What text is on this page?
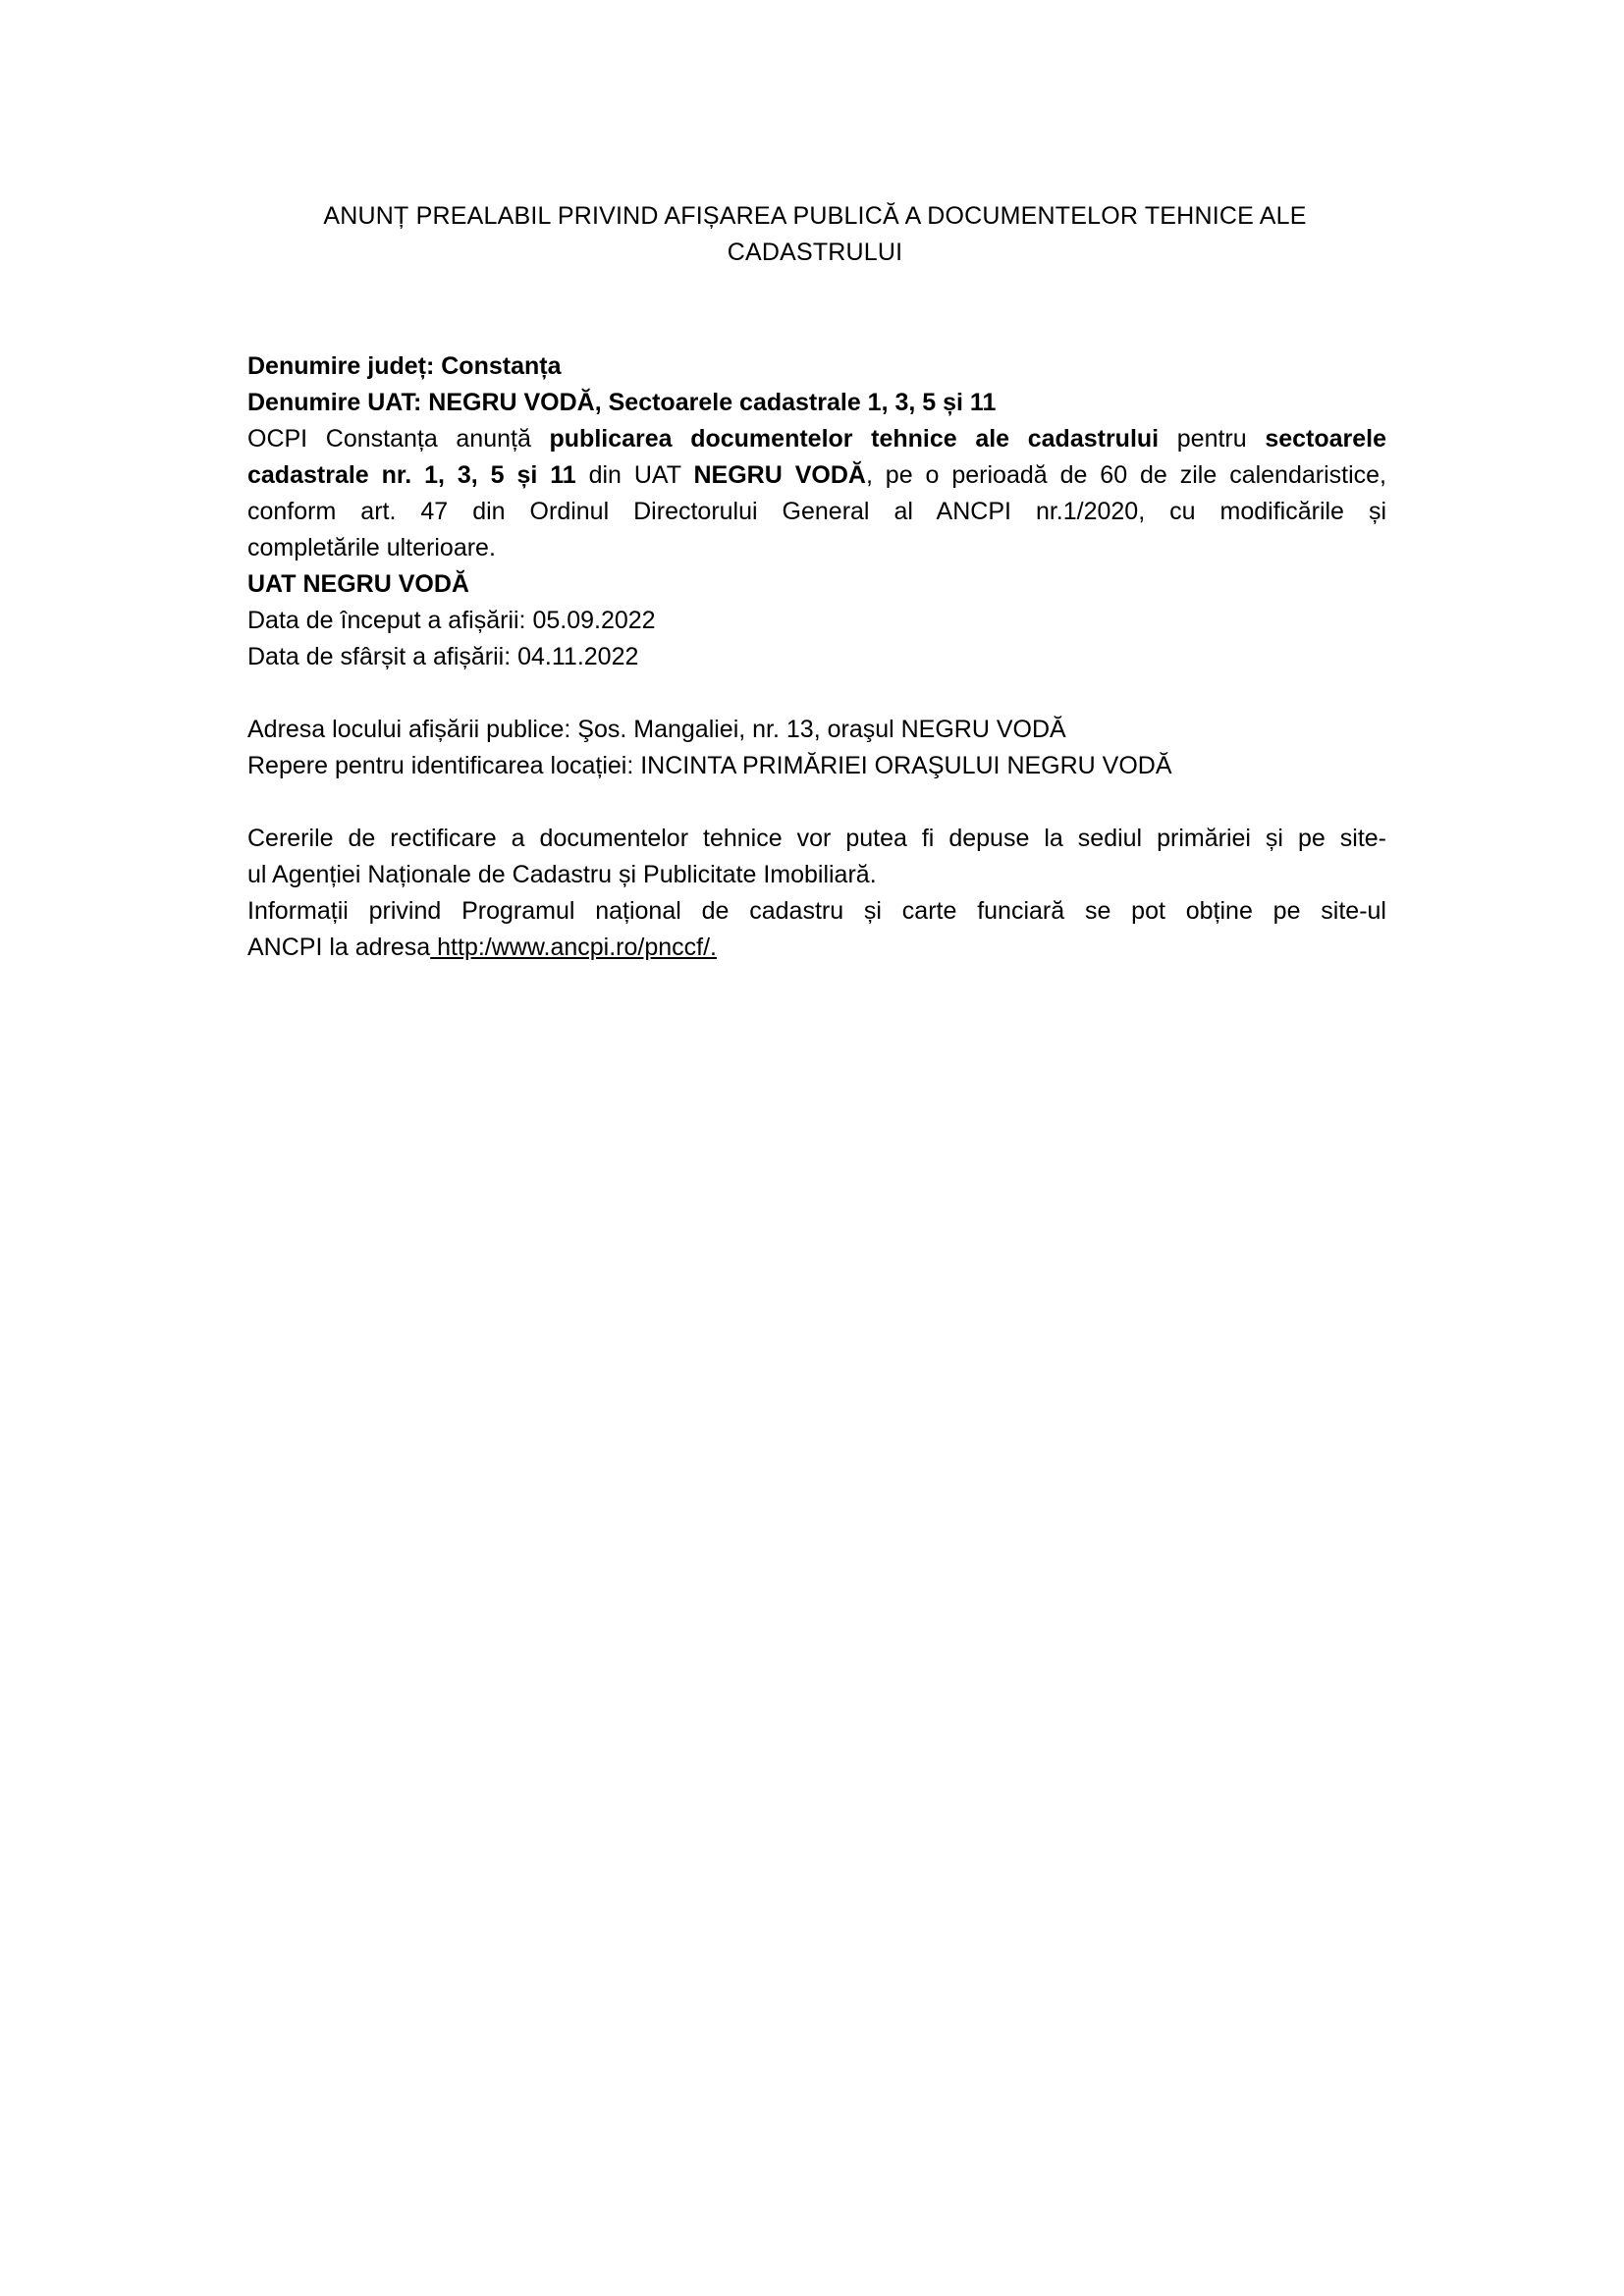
ANUNȚ PREALABIL PRIVIND AFIȘAREA PUBLICĂ A DOCUMENTELOR TEHNICE ALE
CADASTRULUI
Denumire județ: Constanța
Denumire UAT: NEGRU VODĂ, Sectoarele cadastrale 1, 3, 5 și 11
OCPI Constanța anunță publicarea documentelor tehnice ale cadastrului pentru sectoarele
cadastrale nr. 1, 3, 5 și 11 din UAT NEGRU VODĂ, pe o perioadă de 60 de zile calendaristice,
conform art. 47 din Ordinul Directorului General al ANCPI nr.1/2020, cu modificările și
completările ulterioare.
UAT NEGRU VODĂ
Data de început a afișării: 05.09.2022
Data de sfârșit a afișării: 04.11.2022
Adresa locului afișării publice: Şos. Mangaliei, nr. 13, oraşul NEGRU VODĂ
Repere pentru identificarea locației: INCINTA PRIMĂRIEI ORAŞULUI NEGRU VODĂ
Cererile de rectificare a documentelor tehnice vor putea fi depuse la sediul primăriei și pe site-
ul Agenției Naționale de Cadastru și Publicitate Imobiliară.
Informații privind Programul național de cadastru și carte funciară se pot obține pe site-ul
ANCPI la adresa http:/www.ancpi.ro/pnccf/.
